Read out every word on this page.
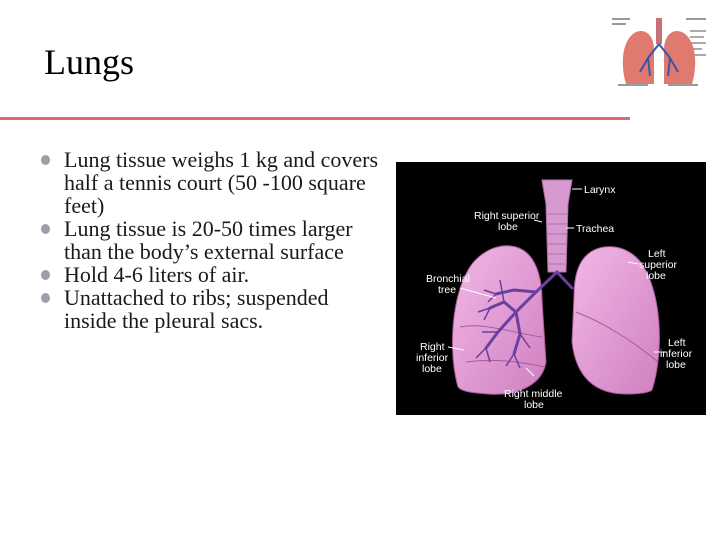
Lungs
Lung tissue weighs 1 kg and covers half a tennis court (50 -100 square feet)
Lung tissue is 20-50 times larger than the body’s external surface
Hold 4-6 liters of air.
Unattached to ribs; suspended inside the pleural sacs.
Larynx
Right superior
lobe	Trachea
Left
superior
lobe
Bronchial
tree
Right
inferior
lobe
Left
inferior
lobe
Right middle
lobe
